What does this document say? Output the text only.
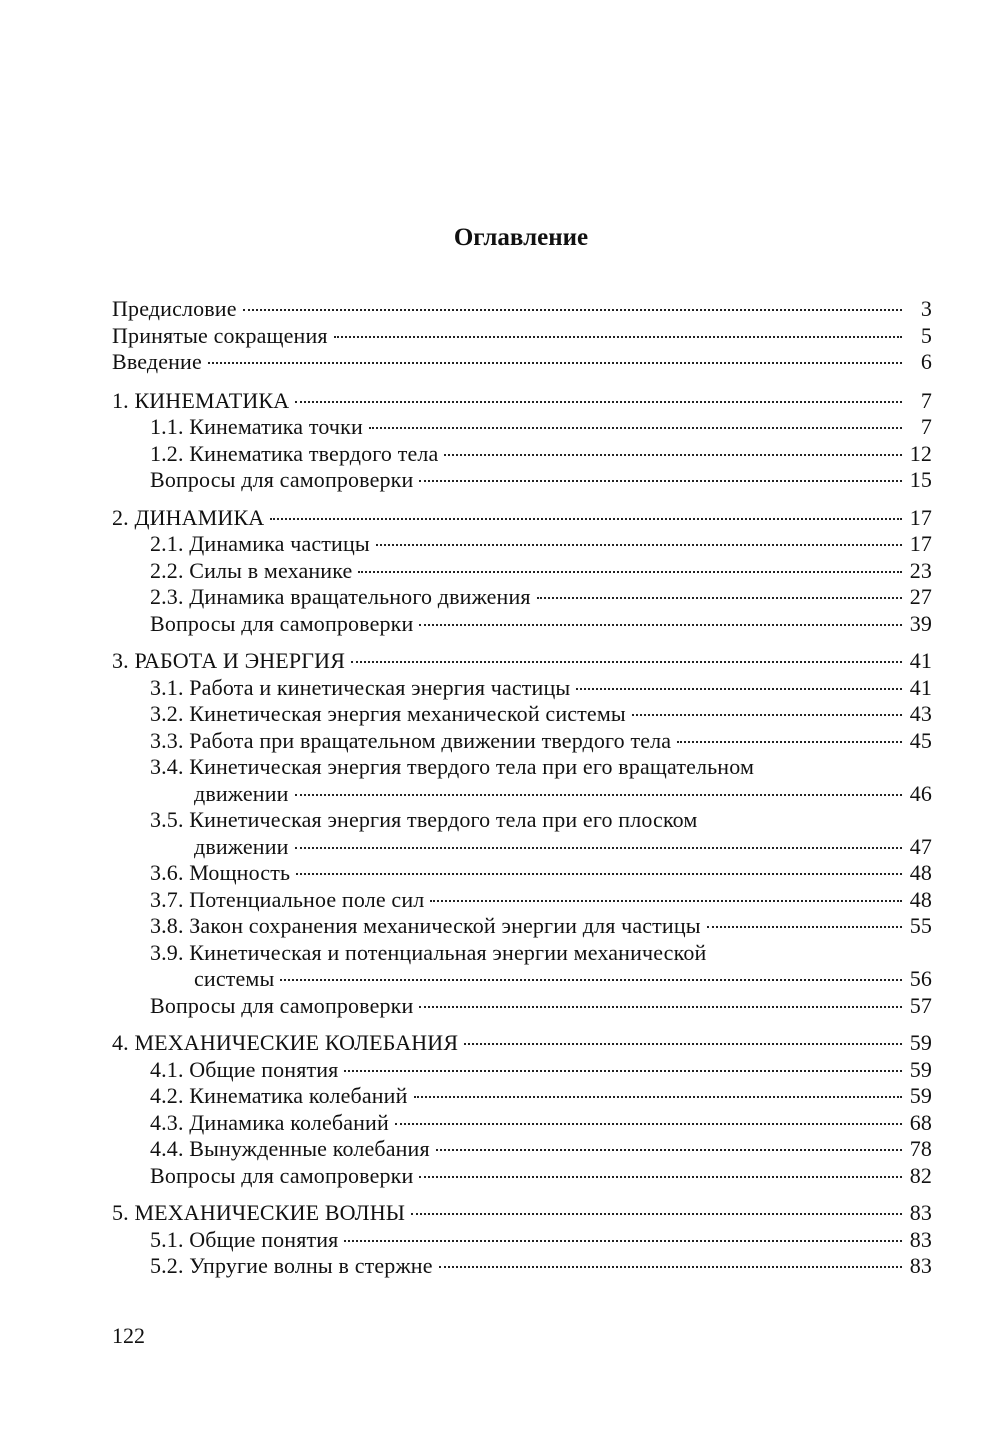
Оглавление
Предисловие	3
Принятые сокращения	5
Введение	6
1. КИНЕМАТИКА	7
1.1. Кинематика точки	7
1.2. Кинематика твердого тела	12
Вопросы для самопроверки	15
2. ДИНАМИКА	17
2.1. Динамика частицы	17
2.2. Силы в механике	23
2.3. Динамика вращательного движения	27
Вопросы для самопроверки	39
3. РАБОТА И ЭНЕРГИЯ	41
3.1. Работа и кинетическая энергия частицы	41
3.2. Кинетическая энергия механической системы	43
3.3. Работа при вращательном движении твердого тела	45
3.4. Кинетическая энергия твердого тела при его вращательном
движении	46
3.5. Кинетическая энергия твердого тела при его плоском
движении	47
3.6. Мощность	48
3.7. Потенциальное поле сил	48
3.8. Закон сохранения механической энергии для частицы	55
3.9. Кинетическая и потенциальная энергии механической
системы	56
Вопросы для самопроверки	57
4. МЕХАНИЧЕСКИЕ КОЛЕБАНИЯ	59
4.1. Общие понятия	59
4.2. Кинематика колебаний	59
4.3. Динамика колебаний	68
4.4. Вынужденные колебания	78
Вопросы для самопроверки	82
5. МЕХАНИЧЕСКИЕ ВОЛНЫ	83
5.1. Общие понятия	83
5.2. Упругие волны в стержне	83
122
